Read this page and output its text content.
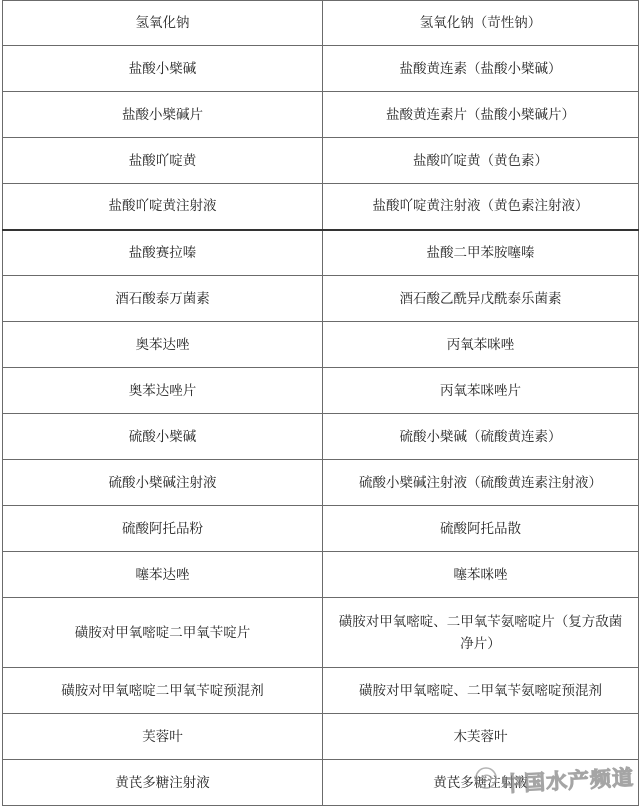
氢氧化钠	氢氧化钠（苛性钠）
盐酸小檗碱	盐酸黄连素（盐酸小檗碱）
盐酸小檗碱片	盐酸黄连素片（盐酸小檗碱片）
盐酸吖啶黄	盐酸吖啶黄（黄色素）
盐酸吖啶黄注射液	盐酸吖啶黄注射液（黄色素注射液）
盐酸赛拉嗪	盐酸二甲苯胺噻嗪
酒石酸泰万菌素	酒石酸乙酰异戊酰泰乐菌素
奥苯达唑	丙氧苯咪唑
奥苯达唑片	丙氧苯咪唑片
硫酸小檗碱	硫酸小檗碱（硫酸黄连素）
硫酸小檗碱注射液	硫酸小檗碱注射液（硫酸黄连素注射液）
硫酸阿托品粉	硫酸阿托品散
噻苯达唑	噻苯咪唑
磺胺对甲氧嘧啶二甲氧苄啶片	磺胺对甲氧嘧啶、二甲氧苄氨嘧啶片（复方敌菌净片）
磺胺对甲氧嘧啶二甲氧苄啶预混剂	磺胺对甲氧嘧啶、二甲氧苄氨嘧啶预混剂
芙蓉叶	木芙蓉叶
黄芪多糖注射液	黄芪多糖注射液
中国水产频道
